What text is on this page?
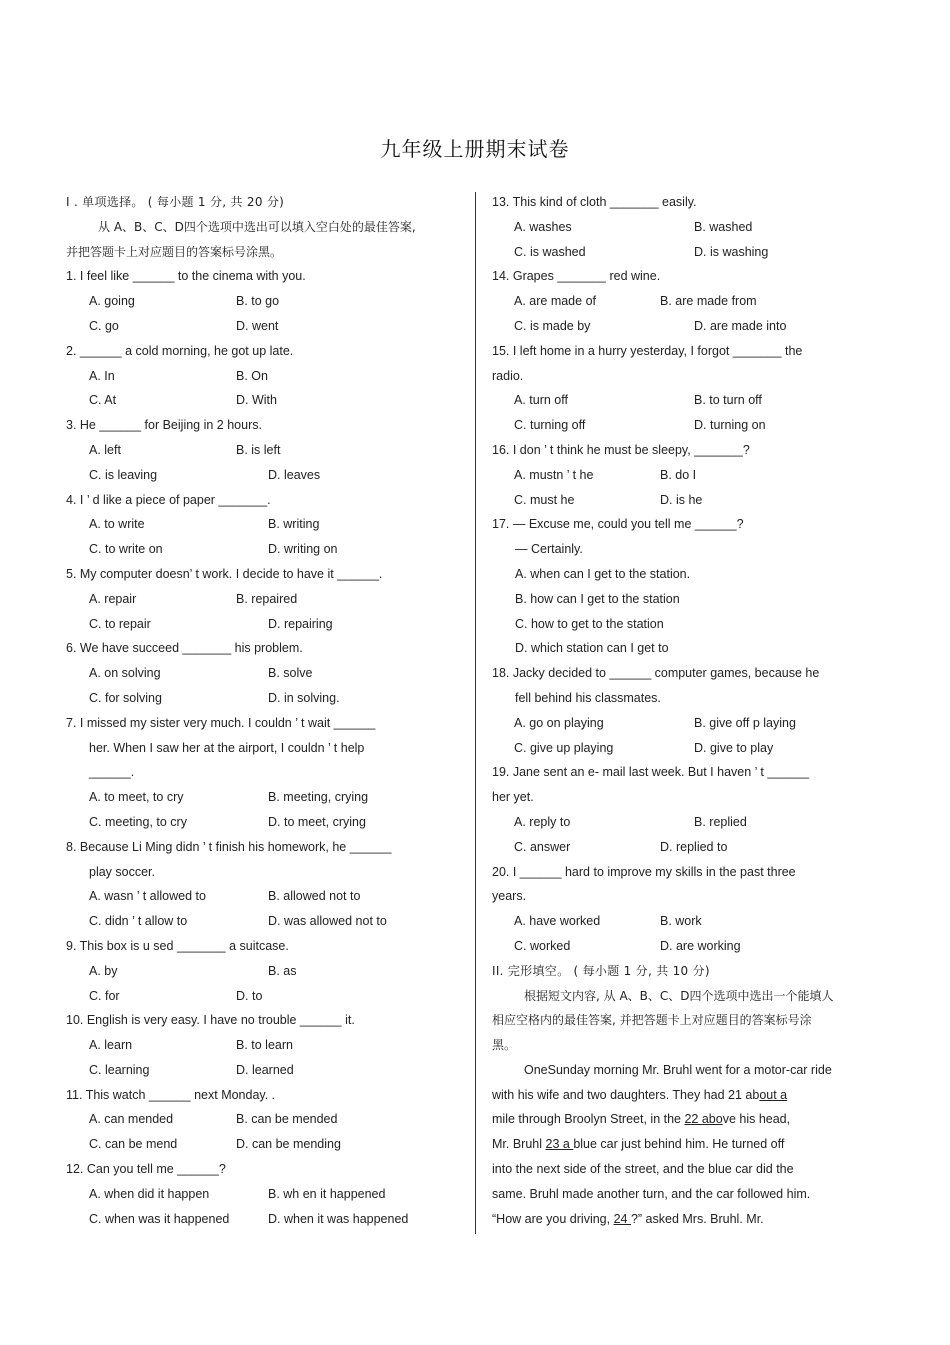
九年级上册期末试卷
Ⅰ . 单项选择。 ( 每小题 1 分, 共 20 分)
从 A、B、C、D四个选项中选出可以填入空白处的最佳答案,
并把答题卡上对应题目的答案标号涂黑。
1. I feel like ______ to the cinema with you.
A. going	B. to go
C. go	D. went
2. ______ a cold morning, he got up late.
A. In	B. On
C. At	D. With
3. He ______ for Beijing in 2 hours.
A. left	B. is left
C. is leaving	D. leaves
4. I ’ d like a piece of paper _______.
A. to write	B. writing
C. to write on	D. writing on
5. My computer doesn’ t work. I decide to have it ______.
A. repair	B. repaired
C. to repair	D. repairing
6. We have succeed _______ his problem.
A. on solving	B. solve
C. for solving	D. in solving.
7. I missed my sister very much. I couldn ’ t wait ______
her. When I saw her at the airport, I couldn ’ t help
______.
A. to meet, to cry	B. meeting, crying
C. meeting, to cry	D. to meet, crying
8. Because Li Ming didn ’ t finish his homework, he ______
play soccer.
A. wasn ’ t allowed to	B. allowed not to
C. didn ’ t allow to	D. was allowed not to
9. This box is u sed _______ a suitcase.
A. by	B. as
C. for	D. to
10. English is very easy. I have no trouble ______ it.
A. learn	B. to learn
C. learning	D. learned
11. This watch ______ next Monday. .
A. can mended	B. can be mended
C. can be mend	D. can be mending
12. Can you tell me ______?
A. when did it happen	B. wh en it happened
C. when was it happened	D. when it was happened
13. This kind of cloth _______ easily.
A. washes	B. washed
C. is washed	D. is washing
14. Grapes _______ red wine.
A. are made of	B. are made from
C. is made by	D. are made into
15. I left home in a hurry yesterday, I forgot _______ the
radio.
A. turn off	B. to turn off
C. turning off	D. turning on
16. I don ’ t think he must be sleepy, _______?
A. mustn ’ t he	B. do I
C. must he	D. is he
17. — Excuse me, could you tell me ______?
— Certainly.
A. when can I get to the station.
B. how can I get to the station
C. how to get to the station
D. which station can I get to
18. Jacky decided to ______ computer games, because he
fell behind his classmates.
A. go on playing	B. give off p laying
C. give up playing	D. give to play
19. Jane sent an e- mail last week. But I haven ’ t ______
her yet.
A. reply to	B. replied
C. answer	D. replied to
20. I ______ hard to improve my skills in the past three
years.
A. have worked	B. work
C. worked	D. are working
II. 完形填空。 ( 每小题 1 分, 共 10 分)
根据短文内容, 从 A、B、C、D四个选项中选出一个能填人
相应空格内的最佳答案, 并把答题卡上对应题目的答案标号涂
黑。
OneSunday morning Mr. Bruhl went for a motor-car ride
with his wife and two daughters. They had 21 about a
mile through Broolyn Street, in the 22 above his head,
Mr. Bruhl 23 a blue car just behind him. He turned off
into the next side of the street, and the blue car did the
same. Bruhl made another turn, and the car followed him.
“How are you driving, 24 ?” asked Mrs. Bruhl. Mr.
